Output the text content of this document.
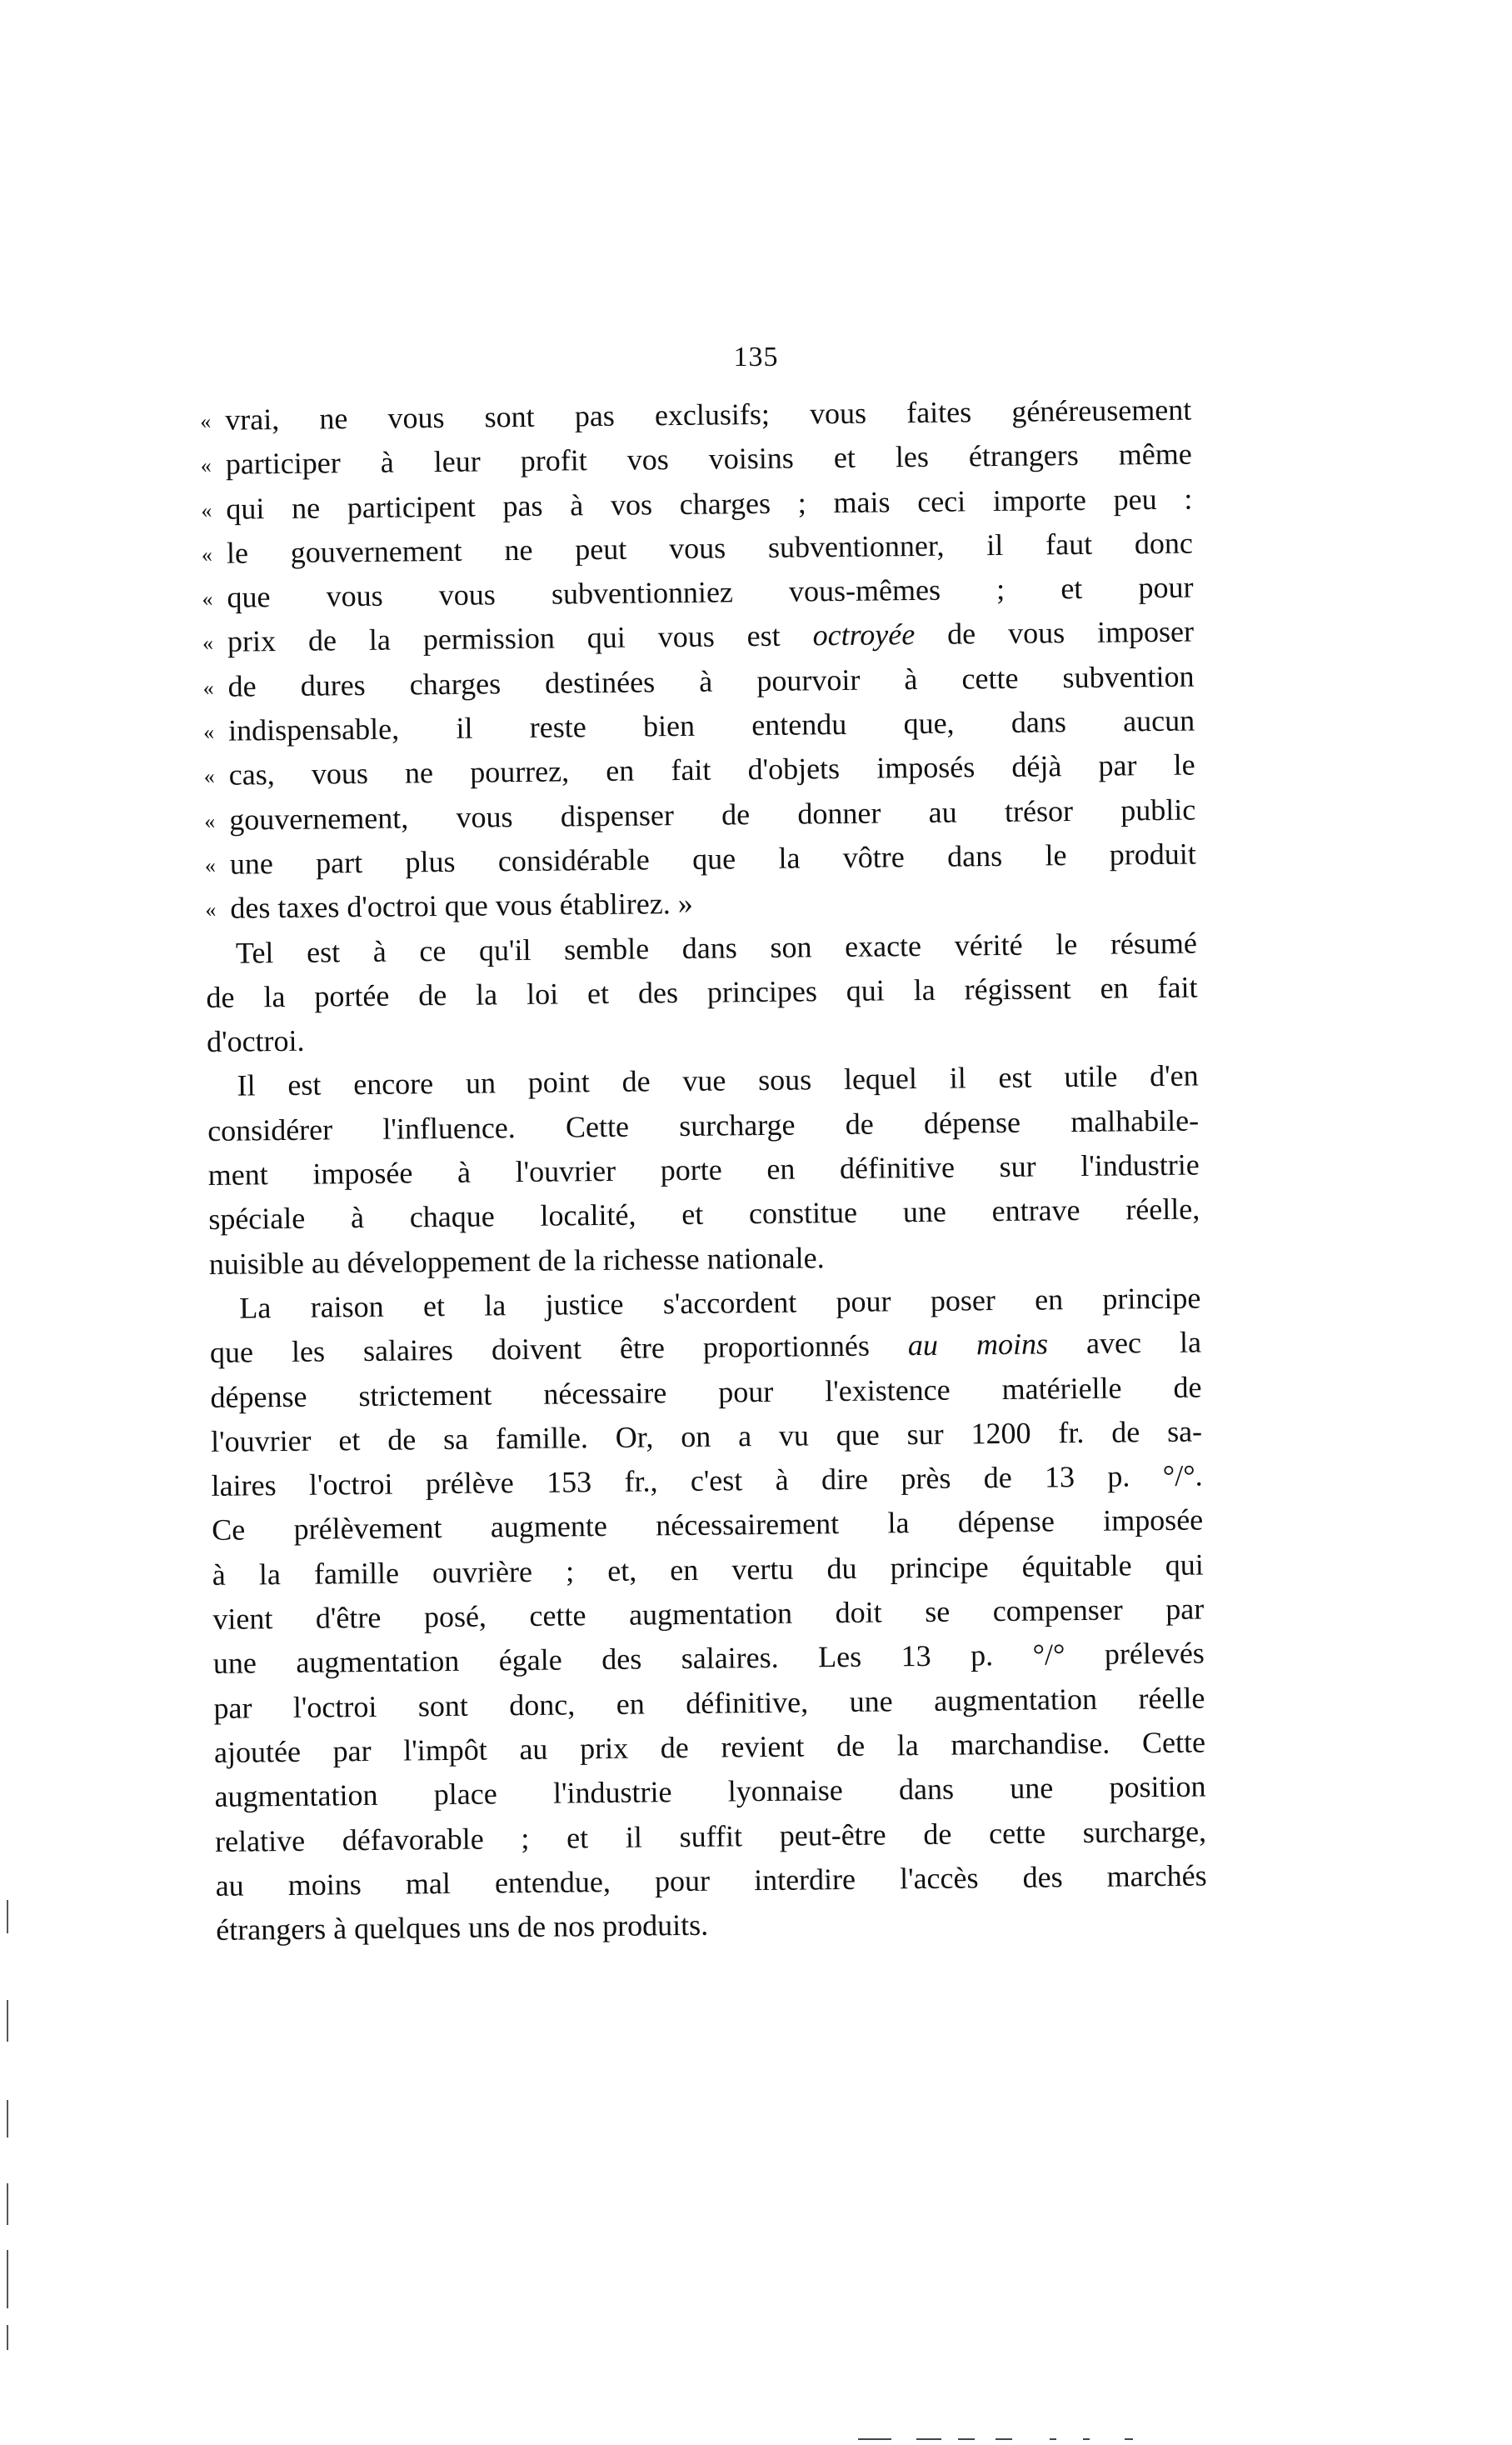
135
« vrai, ne vous sont pas exclusifs; vous faites généreusement
« participer à leur profit vos voisins et les étrangers même
« qui ne participent pas à vos charges ; mais ceci importe peu :
« le gouvernement ne peut vous subventionner, il faut donc
« que vous vous subventionniez vous-mêmes ; et pour
« prix de la permission qui vous est octroyée de vous imposer
« de dures charges destinées à pourvoir à cette subvention
« indispensable, il reste bien entendu que, dans aucun
« cas, vous ne pourrez, en fait d'objets imposés déjà par le
« gouvernement, vous dispenser de donner au trésor public
« une part plus considérable que la vôtre dans le produit
« des taxes d'octroi que vous établirez. »
Tel est à ce qu'il semble dans son exacte vérité le résumé
de la portée de la loi et des principes qui la régissent en fait
d'octroi.
Il est encore un point de vue sous lequel il est utile d'en
considérer l'influence. Cette surcharge de dépense malhabile-
ment imposée à l'ouvrier porte en définitive sur l'industrie
spéciale à chaque localité, et constitue une entrave réelle,
nuisible au développement de la richesse nationale.
La raison et la justice s'accordent pour poser en principe
que les salaires doivent être proportionnés au moins avec la
dépense strictement nécessaire pour l'existence matérielle de
l'ouvrier et de sa famille. Or, on a vu que sur 1200 fr. de sa-
laires l'octroi prélève 153 fr., c'est à dire près de 13 p. °/°.
Ce prélèvement augmente nécessairement la dépense imposée
à la famille ouvrière ; et, en vertu du principe équitable qui
vient d'être posé, cette augmentation doit se compenser par
une augmentation égale des salaires. Les 13 p. °/° prélevés
par l'octroi sont donc, en définitive, une augmentation réelle
ajoutée par l'impôt au prix de revient de la marchandise. Cette
augmentation place l'industrie lyonnaise dans une position
relative défavorable ; et il suffit peut-être de cette surcharge,
au moins mal entendue, pour interdire l'accès des marchés
étrangers à quelques uns de nos produits.
